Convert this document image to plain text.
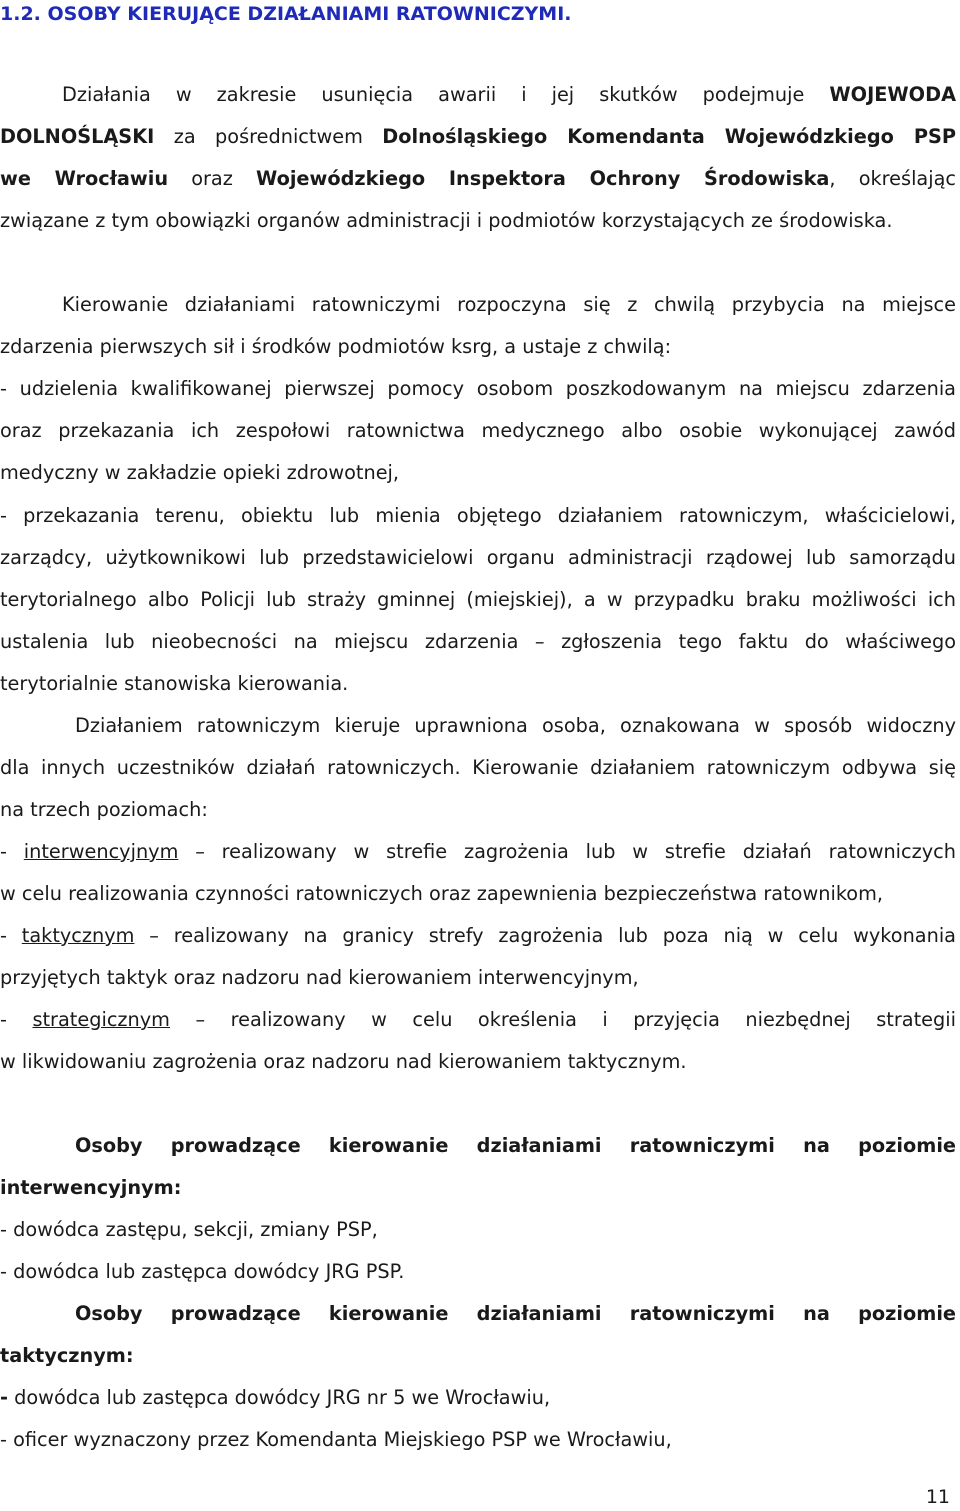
1.2. OSOBY KIERUJĄCE DZIAŁANIAMI RATOWNICZYMI.
Działania w zakresie usunięcia awarii i jej skutków podejmuje WOJEWODA
DOLNOŚLĄSKI za pośrednictwem Dolnośląskiego Komendanta Wojewódzkiego PSP
we Wrocławiu oraz Wojewódzkiego Inspektora Ochrony Środowiska, określając
związane z tym obowiązki organów administracji i podmiotów korzystających ze środowiska.
Kierowanie działaniami ratowniczymi rozpoczyna się z chwilą przybycia na miejsce
zdarzenia pierwszych sił i środków podmiotów ksrg, a ustaje z chwilą:
- udzielenia kwalifikowanej pierwszej pomocy osobom poszkodowanym na miejscu zdarzenia
oraz przekazania ich zespołowi ratownictwa medycznego albo osobie wykonującej zawód
medyczny w zakładzie opieki zdrowotnej,
- przekazania terenu, obiektu lub mienia objętego działaniem ratowniczym, właścicielowi,
zarządcy, użytkownikowi lub przedstawicielowi organu administracji rządowej lub samorządu
terytorialnego albo Policji lub straży gminnej (miejskiej), a w przypadku braku możliwości ich
ustalenia lub nieobecności na miejscu zdarzenia – zgłoszenia tego faktu do właściwego
terytorialnie stanowiska kierowania.
Działaniem ratowniczym kieruje uprawniona osoba, oznakowana w sposób widoczny
dla innych uczestników działań ratowniczych. Kierowanie działaniem ratowniczym odbywa się
na trzech poziomach:
- interwencyjnym – realizowany w strefie zagrożenia lub w strefie działań ratowniczych
w celu realizowania czynności ratowniczych oraz zapewnienia bezpieczeństwa ratownikom,
- taktycznym – realizowany na granicy strefy zagrożenia lub poza nią w celu wykonania
przyjętych taktyk oraz nadzoru nad kierowaniem interwencyjnym,
- strategicznym – realizowany w celu określenia i przyjęcia niezbędnej strategii
w likwidowaniu zagrożenia oraz nadzoru nad kierowaniem taktycznym.
Osoby prowadzące kierowanie działaniami ratowniczymi na poziomie
interwencyjnym:
- dowódca zastępu, sekcji, zmiany PSP,
- dowódca lub zastępca dowódcy JRG PSP.
Osoby prowadzące kierowanie działaniami ratowniczymi na poziomie
taktycznym:
- dowódca lub zastępca dowódcy JRG nr 5 we Wrocławiu,
- oficer wyznaczony przez Komendanta Miejskiego PSP we Wrocławiu,
11
